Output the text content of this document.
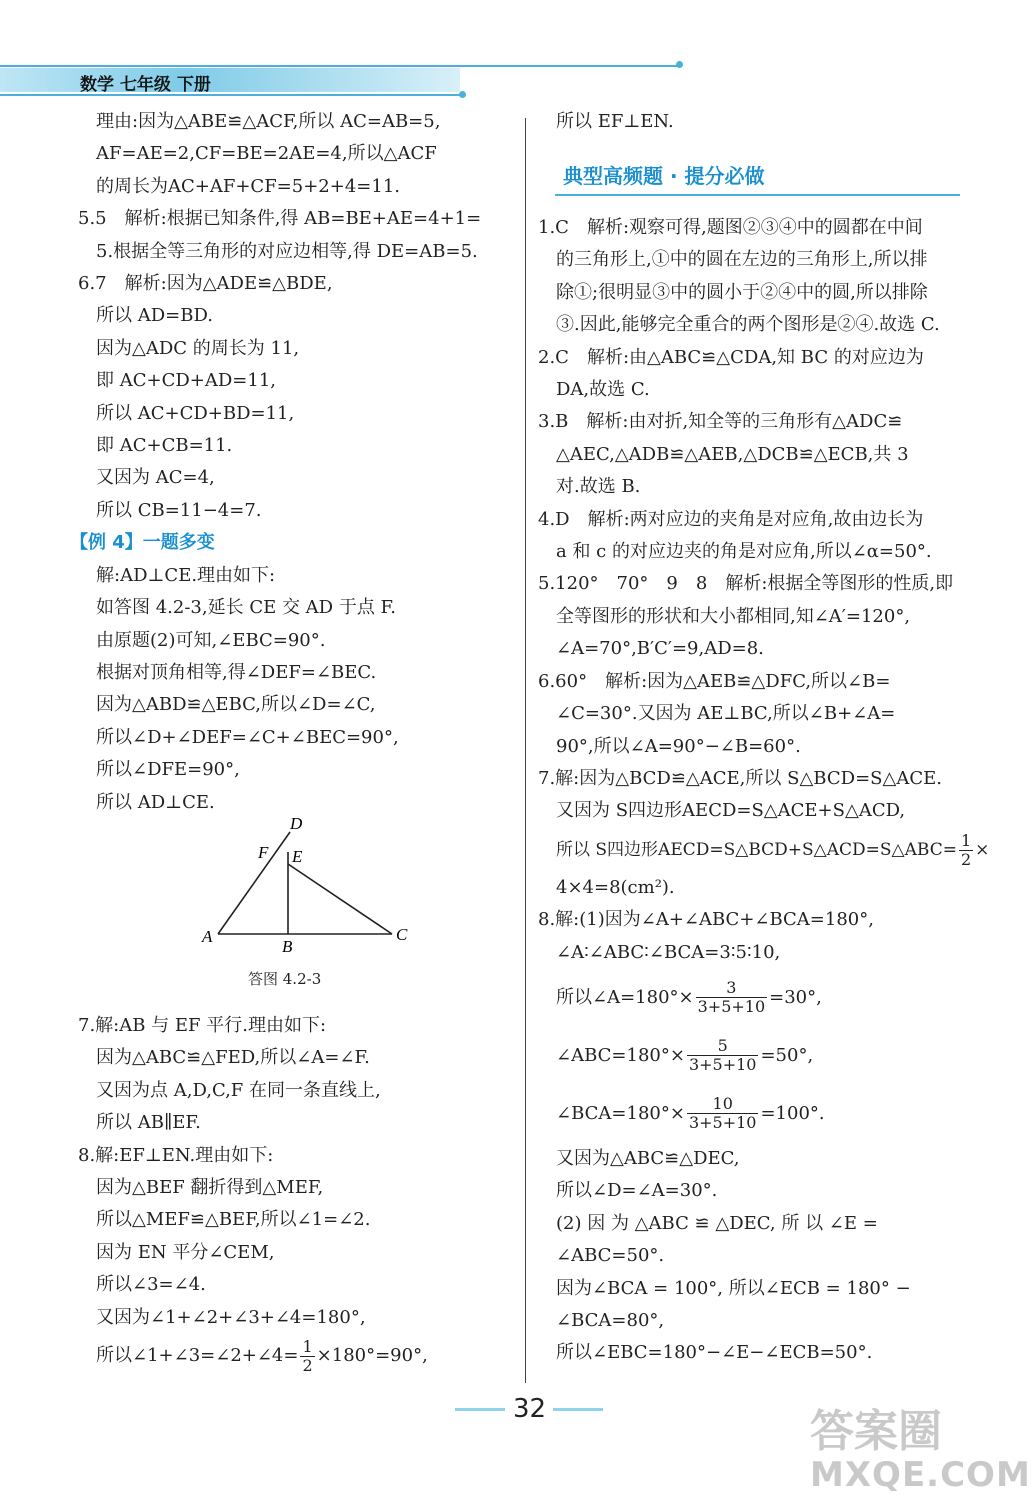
数学 七年级 下册
理由:因为△ABE≌△ACF,所以 AC=AB=5,
AF=AE=2,CF=BE=2AE=4,所以△ACF
的周长为AC+AF+CF=5+2+4=11.
5.5　解析:根据已知条件,得 AB=BE+AE=4+1=
5.根据全等三角形的对应边相等,得 DE=AB=5.
6.7　解析:因为△ADE≌△BDE,
所以 AD=BD.
因为△ADC 的周长为 11,
即 AC+CD+AD=11,
所以 AC+CD+BD=11,
即 AC+CB=11.
又因为 AC=4,
所以 CB=11−4=7.
【例 4】一题多变
解:AD⊥CE.理由如下:
如答图 4.2-3,延长 CE 交 AD 于点 F.
由原题(2)可知,∠EBC=90°.
根据对顶角相等,得∠DEF=∠BEC.
因为△ABD≌△EBC,所以∠D=∠C,
所以∠D+∠DEF=∠C+∠BEC=90°,
所以∠DFE=90°,
所以 AD⊥CE.
A
B
C
D
E
F
答图 4.2-3
7.解:AB 与 EF 平行.理由如下:
因为△ABC≌△FED,所以∠A=∠F.
又因为点 A,D,C,F 在同一条直线上,
所以 AB∥EF.
8.解:EF⊥EN.理由如下:
因为△BEF 翻折得到△MEF,
所以△MEF≌△BEF,所以∠1=∠2.
因为 EN 平分∠CEM,
所以∠3=∠4.
又因为∠1+∠2+∠3+∠4=180°,
所以∠1+∠3=∠2+∠4= $\frac{1}{2} \times 180^\circ=90^\circ$,
所以 EF⊥EN.
典型高频题 · 提分必做
1.C　解析:观察可得,题图②③④中的圆都在中间
的三角形上,①中的圆在左边的三角形上,所以排
除①;很明显③中的圆小于②④中的圆,所以排除
③.因此,能够完全重合的两个图形是②④.故选 C.
2.C　解析:由△ABC≌△CDA,知 BC 的对应边为
DA,故选 C.
3.B　解析:由对折,知全等的三角形有△ADC≌
△AEC,△ADB≌△AEB,△DCB≌△ECB,共 3
对.故选 B.
4.D　解析:两对应边的夹角是对应角,故由边长为
a 和 c 的对应边夹的角是对应角,所以∠α=50°.
5.120°　70°　9　8　解析:根据全等图形的性质,即
全等图形的形状和大小都相同,知∠A′=120°,
∠A=70°,B′C′=9,AD=8.
6.60°　解析:因为△AEB≌△DFC,所以∠B=
∠C=30°.又因为 AE⊥BC,所以∠B+∠A=
90°,所以∠A=90°−∠B=60°.
7.解:因为△BCD≌△ACE,所以 S△BCD=S△ACE.
又因为 S四边形AECD=S△ACE+S△ACD,
所以 S四边形AECD=S△BCD+S△ACD=S△ABC= $\frac{1}{2}$ ×
4×4=8(cm²).
8.解:(1)因为∠A+∠ABC+∠BCA=180°,
∠A∶∠ABC∶∠BCA=3∶5∶10,
所以∠A=180°× $\frac{3}{3+5+10} =30^\circ$,
∠ABC=180°× $\frac{5}{3+5+10} =50^\circ$,
∠BCA=180°× $\frac{10}{3+5+10} =100^\circ$.
又因为△ABC≌△DEC,
所以∠D=∠A=30°.
(2) 因 为 △ABC ≌ △DEC, 所 以 ∠E =
∠ABC=50°.
因为∠BCA = 100°, 所以∠ECB = 180° −
∠BCA=80°,
所以∠EBC=180°−∠E−∠ECB=50°.
32	答案圈
MXQE.COM
